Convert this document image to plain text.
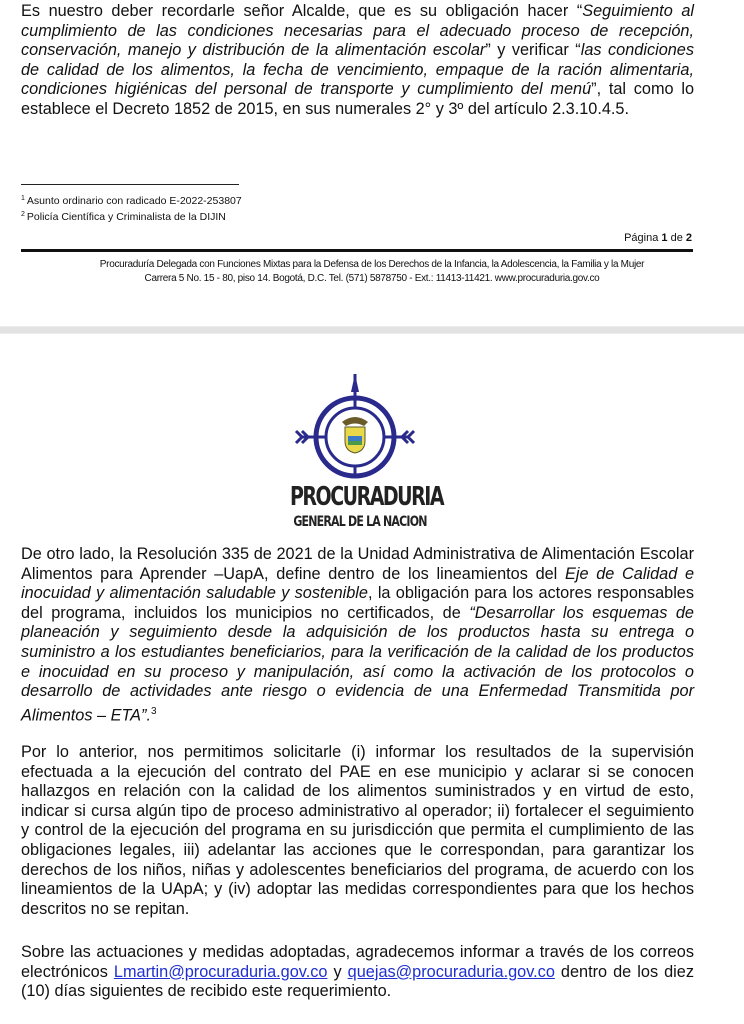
Es nuestro deber recordarle señor Alcalde, que es su obligación hacer “Seguimiento al cumplimiento de las condiciones necesarias para el adecuado proceso de recepción, conservación, manejo y distribución de la alimentación escolar” y verificar “las condiciones de calidad de los alimentos, la fecha de vencimiento, empaque de la ración alimentaria, condiciones higiénicas del personal de transporte y cumplimiento del menú”, tal como lo establece el Decreto 1852 de 2015, en sus numerales 2° y 3º del artículo 2.3.10.4.5.
$^1$ Asunto ordinario con radicado E-2022-253807
$^2$ Policía Científica y Criminalista de la DIJIN
Página 1 de 2
Procuraduría Delegada con Funciones Mixtas para la Defensa de los Derechos de la Infancia, la Adolescencia, la Familia y la Mujer
Carrera 5 No. 15 - 80, piso 14. Bogotá, D.C. Tel. (571) 5878750 - Ext.: 11413-11421. www.procuraduria.gov.co
PROCURADURIA
GENERAL DE LA NACION
De otro lado, la Resolución 335 de 2021 de la Unidad Administrativa de Alimentación Escolar Alimentos para Aprender –UapA, define dentro de los lineamientos del Eje de Calidad e inocuidad y alimentación saludable y sostenible, la obligación para los actores responsables del programa, incluidos los municipios no certificados, de “Desarrollar los esquemas de planeación y seguimiento desde la adquisición de los productos hasta su entrega o suministro a los estudiantes beneficiarios, para la verificación de la calidad de los productos e inocuidad en su proceso y manipulación, así como la activación de los protocolos o desarrollo de actividades ante riesgo o evidencia de una Enfermedad Transmitida por Alimentos – ETA”.$^3$
Por lo anterior, nos permitimos solicitarle (i) informar los resultados de la supervisión efectuada a la ejecución del contrato del PAE en ese municipio y aclarar si se conocen hallazgos en relación con la calidad de los alimentos suministrados y en virtud de esto, indicar si cursa algún tipo de proceso administrativo al operador; ii) fortalecer el seguimiento y control de la ejecución del programa en su jurisdicción que permita el cumplimiento de las obligaciones legales, iii) adelantar las acciones que le correspondan, para garantizar los derechos de los niños, niñas y adolescentes beneficiarios del programa, de acuerdo con los lineamientos de la UApA; y (iv) adoptar las medidas correspondientes para que los hechos descritos no se repitan.
Sobre las actuaciones y medidas adoptadas, agradecemos informar a través de los correos electrónicos Lmartin@procuraduria.gov.co y quejas@procuraduria.gov.co dentro de los diez (10) días siguientes de recibido este requerimiento.
